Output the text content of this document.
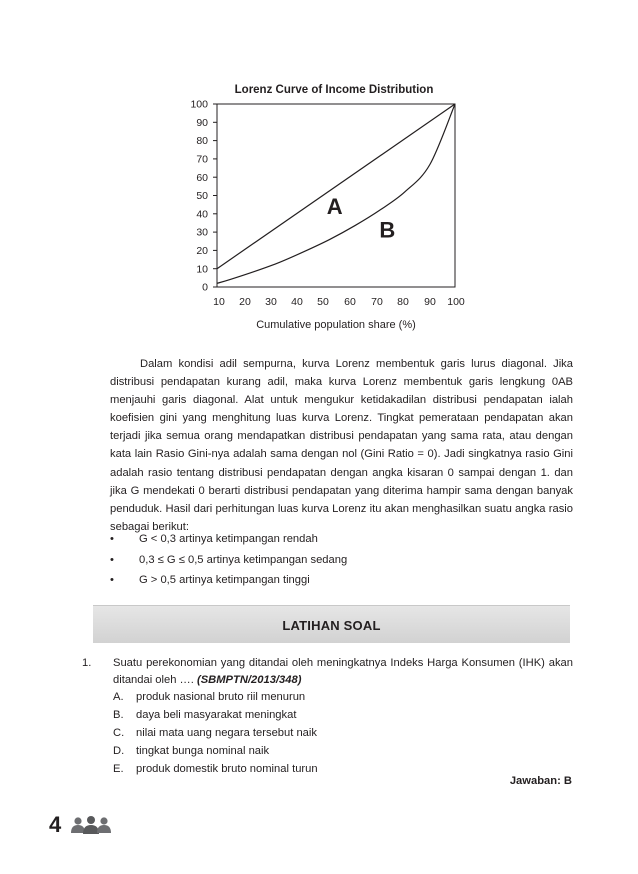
Lorenz Curve of Income Distribution
0
10
20
30
40
50
60
70
80
90
100
10 20 30 40 50 60 70 80 90 100
A
B
Cumulative population share (%)

Dalam kondisi adil sempurna, kurva Lorenz membentuk garis lurus diagonal. Jika distribusi pendapatan kurang adil, maka kurva Lorenz membentuk garis lengkung 0AB menjauhi garis diagonal. Alat untuk mengukur ketidakadilan distribusi pendapatan ialah koefisien gini yang menghitung luas kurva Lorenz. Tingkat pemerataan pendapatan akan terjadi jika semua orang mendapatkan distribusi pendapatan yang sama rata, atau dengan kata lain Rasio Gini-nya adalah sama dengan nol (Gini Ratio = 0). Jadi singkatnya rasio Gini adalah rasio tentang distribusi pendapatan dengan angka kisaran 0 sampai dengan 1. dan jika G mendekati 0 berarti distribusi pendapatan yang diterima hampir sama dengan banyak penduduk. Hasil dari perhitungan luas kurva Lorenz itu akan menghasilkan suatu angka rasio sebagai berikut:

• G < 0,3 artinya ketimpangan rendah
• 0,3 ≤ G ≤ 0,5 artinya ketimpangan sedang
• G > 0,5 artinya ketimpangan tinggi
LATIHAN SOAL
1. Suatu perekonomian yang ditandai oleh meningkatnya Indeks Harga Konsumen (IHK) akan ditandai oleh …. (SBMPTN/2013/348)
A. produk nasional bruto riil menurun
B. daya beli masyarakat meningkat
C. nilai mata uang negara tersebut naik
D. tingkat bunga nominal naik
E. produk domestik bruto nominal turun
Jawaban: B
4
